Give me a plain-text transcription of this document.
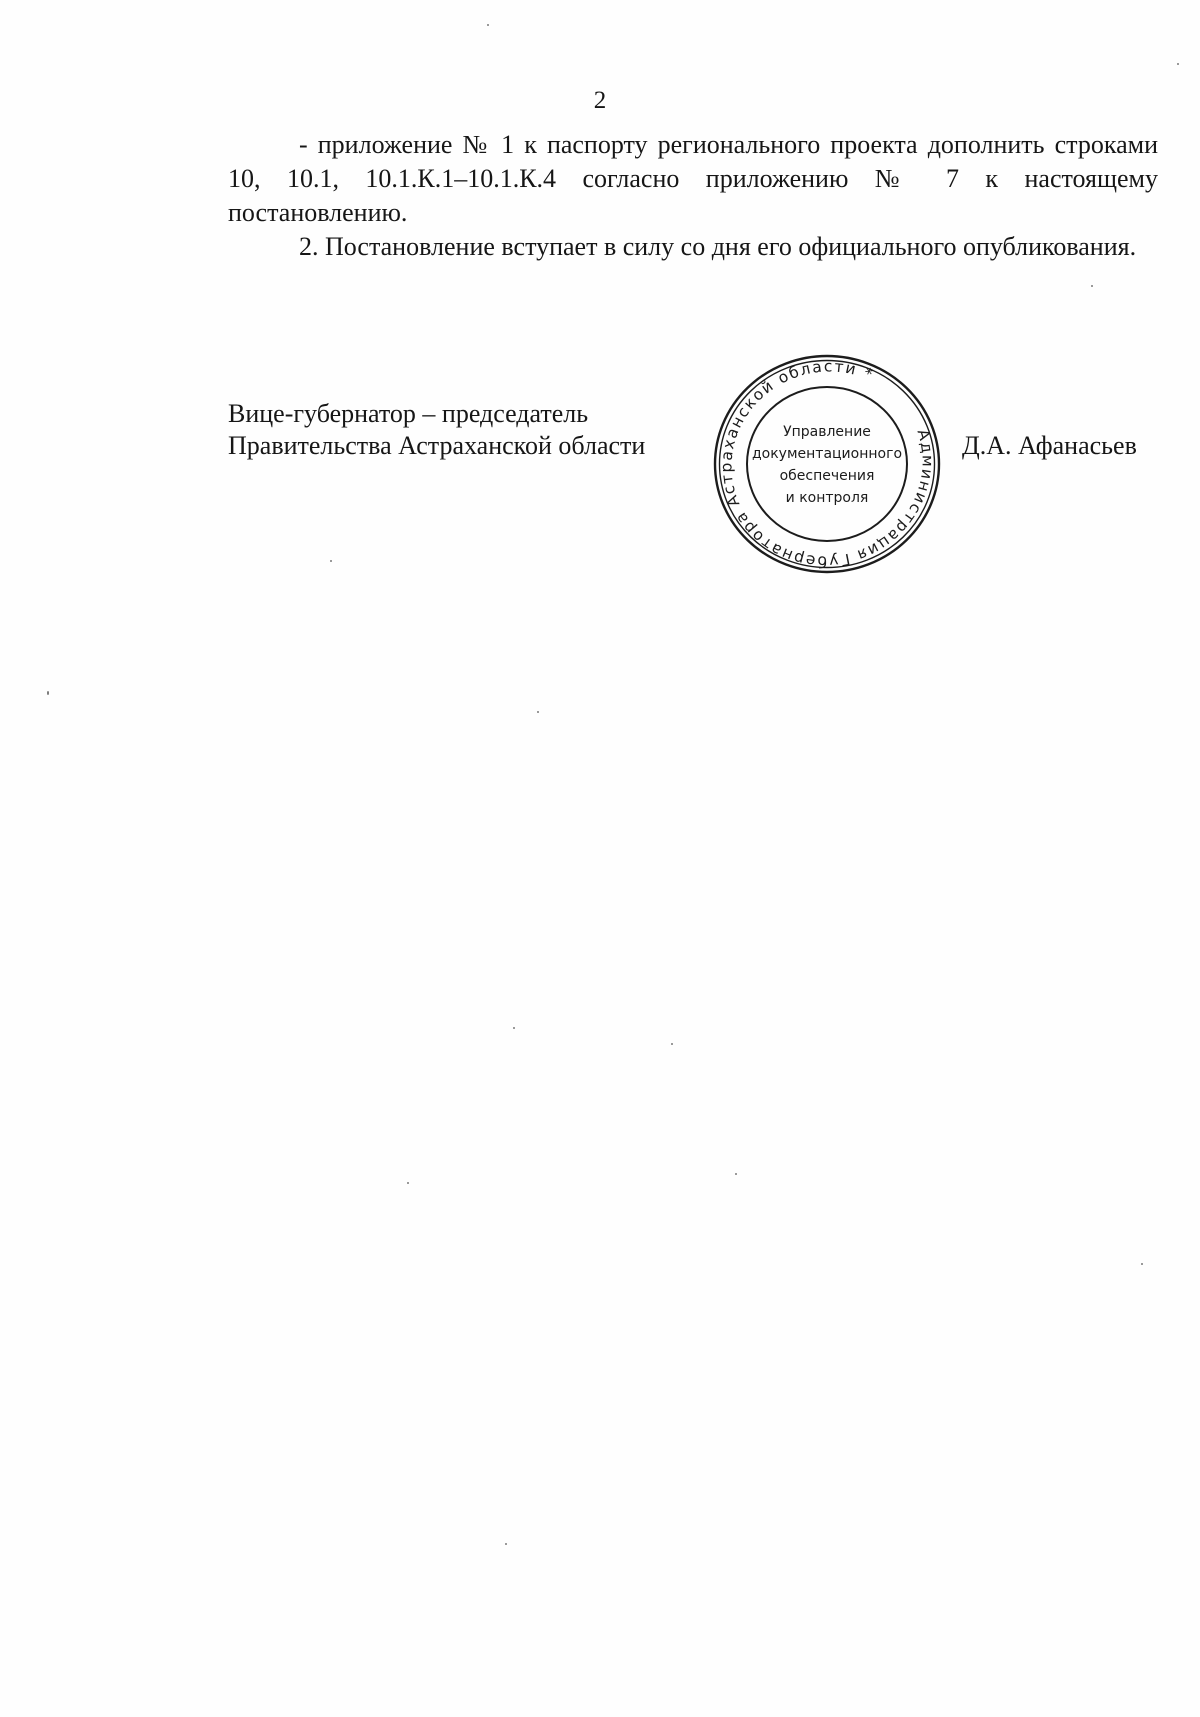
2

- приложение № 1 к паспорту регионального проекта дополнить строками 10, 10.1, 10.1.К.1–10.1.К.4 согласно приложению № 7 к настоящему постановлению.

2. Постановление вступает в силу со дня его официального опубликования.

Вице-губернатор – председатель
Правительства Астраханской области	Администрация Губернатора Астраханской области *
Управление
документационного
обеспечения
и контроля
Д.А. Афанасьев
